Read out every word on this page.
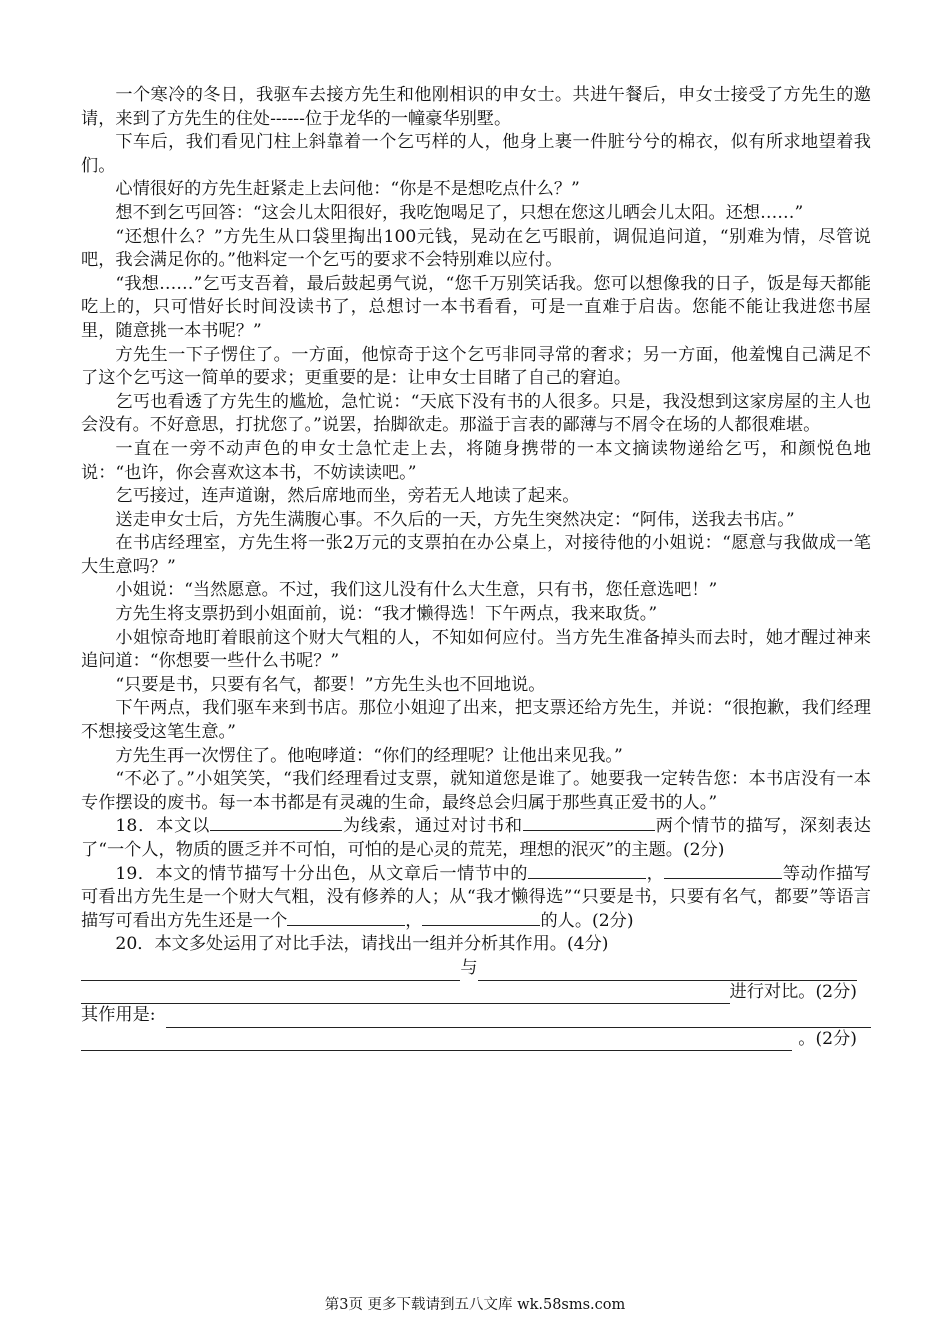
一个寒冷的冬日，我驱车去接方先生和他刚相识的申女士。共进午餐后，申女士接受了方先生的邀请，来到了方先生的住处------位于龙华的一幢豪华别墅。

下车后，我们看见门柱上斜靠着一个乞丐样的人，他身上裹一件脏兮兮的棉衣，似有所求地望着我们。

心情很好的方先生赶紧走上去问他：“你是不是想吃点什么？”

想不到乞丐回答：“这会儿太阳很好，我吃饱喝足了，只想在您这儿晒会儿太阳。还想……”

“还想什么？”方先生从口袋里掏出100元钱，晃动在乞丐眼前，调侃追问道，“别难为情，尽管说吧，我会满足你的。”他料定一个乞丐的要求不会特别难以应付。

“我想……”乞丐支吾着，最后鼓起勇气说，“您千万别笑话我。您可以想像我的日子，饭是每天都能吃上的，只可惜好长时间没读书了，总想讨一本书看看，可是一直难于启齿。您能不能让我进您书屋里，随意挑一本书呢？”

方先生一下子愣住了。一方面，他惊奇于这个乞丐非同寻常的奢求；另一方面，他羞愧自己满足不了这个乞丐这一简单的要求；更重要的是：让申女士目睹了自己的窘迫。

乞丐也看透了方先生的尴尬，急忙说：“天底下没有书的人很多。只是，我没想到这家房屋的主人也会没有。不好意思，打扰您了。”说罢，抬脚欲走。那溢于言表的鄙薄与不屑令在场的人都很难堪。

一直在一旁不动声色的申女士急忙走上去，将随身携带的一本文摘读物递给乞丐，和颜悦色地说：“也许，你会喜欢这本书，不妨读读吧。”

乞丐接过，连声道谢，然后席地而坐，旁若无人地读了起来。

送走申女士后，方先生满腹心事。不久后的一天，方先生突然决定：“阿伟，送我去书店。”

在书店经理室，方先生将一张2万元的支票拍在办公桌上，对接待他的小姐说：“愿意与我做成一笔大生意吗？”

小姐说：“当然愿意。不过，我们这儿没有什么大生意，只有书，您任意选吧！”

方先生将支票扔到小姐面前，说：“我才懒得选！下午两点，我来取货。”

小姐惊奇地盯着眼前这个财大气粗的人，不知如何应付。当方先生准备掉头而去时，她才醒过神来追问道：“你想要一些什么书呢？”

“只要是书，只要有名气，都要！”方先生头也不回地说。

下午两点，我们驱车来到书店。那位小姐迎了出来，把支票还给方先生，并说：“很抱歉，我们经理不想接受这笔生意。”

方先生再一次愣住了。他咆哮道：“你们的经理呢？让他出来见我。”

“不必了。”小姐笑笑，“我们经理看过支票，就知道您是谁了。她要我一定转告您：本书店没有一本专作摆设的废书。每一本书都是有灵魂的生命，最终总会归属于那些真正爱书的人。”

18．本文以	为线索，通过对讨书和	两个情节的描写，深刻表达了“一个人，物质的匮乏并不可怕，可怕的是心灵的荒芜，理想的泯灭”的主题。(2分)

19．本文的情节描写十分出色，从文章后一情节中的	，	等动作描写可看出方先生是一个财大气粗，没有修养的人；从“我才懒得选”“只要是书，只要有名气，都要”等语言描写可看出方先生还是一个	，	的人。(2分)

20．本文多处运用了对比手法，请找出一组并分析其作用。(4分)

与
进行对比。(2分)
其作用是:
。(2分)
第3页 更多下载请到五八文库 wk.58sms.com
